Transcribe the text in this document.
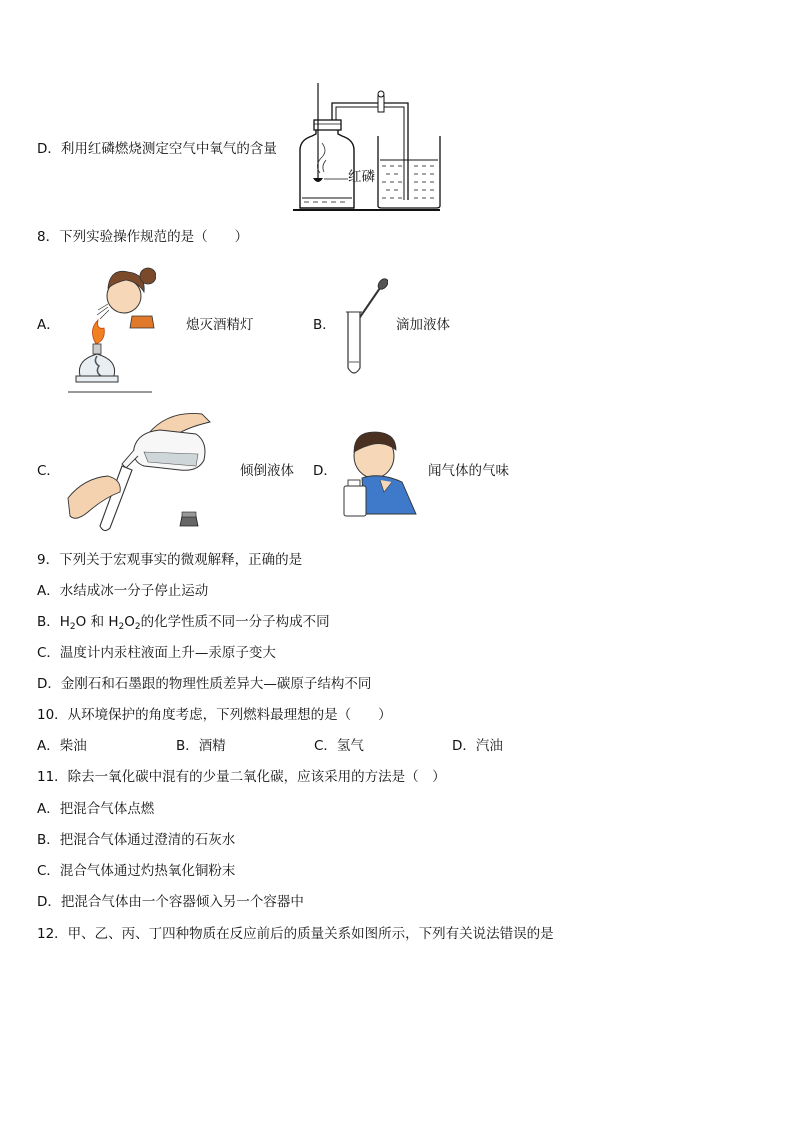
D．利用红磷燃烧测定空气中氧气的含量
红磷
8．下列实验操作规范的是（　　）
A．	熄灭酒精灯	B．	滴加液体
C．	倾倒液体 D．	闻气体的气味
9．下列关于宏观事实的微观解释，正确的是
A．水结成冰一分子停止运动
B．$H_2O$ 和 $H_2O_2$的化学性质不同一分子构成不同
C．温度计内汞柱液面上升—汞原子变大
D．金刚石和石墨跟的物理性质差异大—碳原子结构不同
10．从环境保护的角度考虑，下列燃料最理想的是（　　）
A．柴油	B．酒精	C．氢气	D．汽油
11．除去一氧化碳中混有的少量二氧化碳，应该采用的方法是（　）
A．把混合气体点燃
B．把混合气体通过澄清的石灰水
C．混合气体通过灼热氧化铜粉末
D．把混合气体由一个容器倾入另一个容器中
12．甲、乙、丙、丁四种物质在反应前后的质量关系如图所示，下列有关说法错误的是
